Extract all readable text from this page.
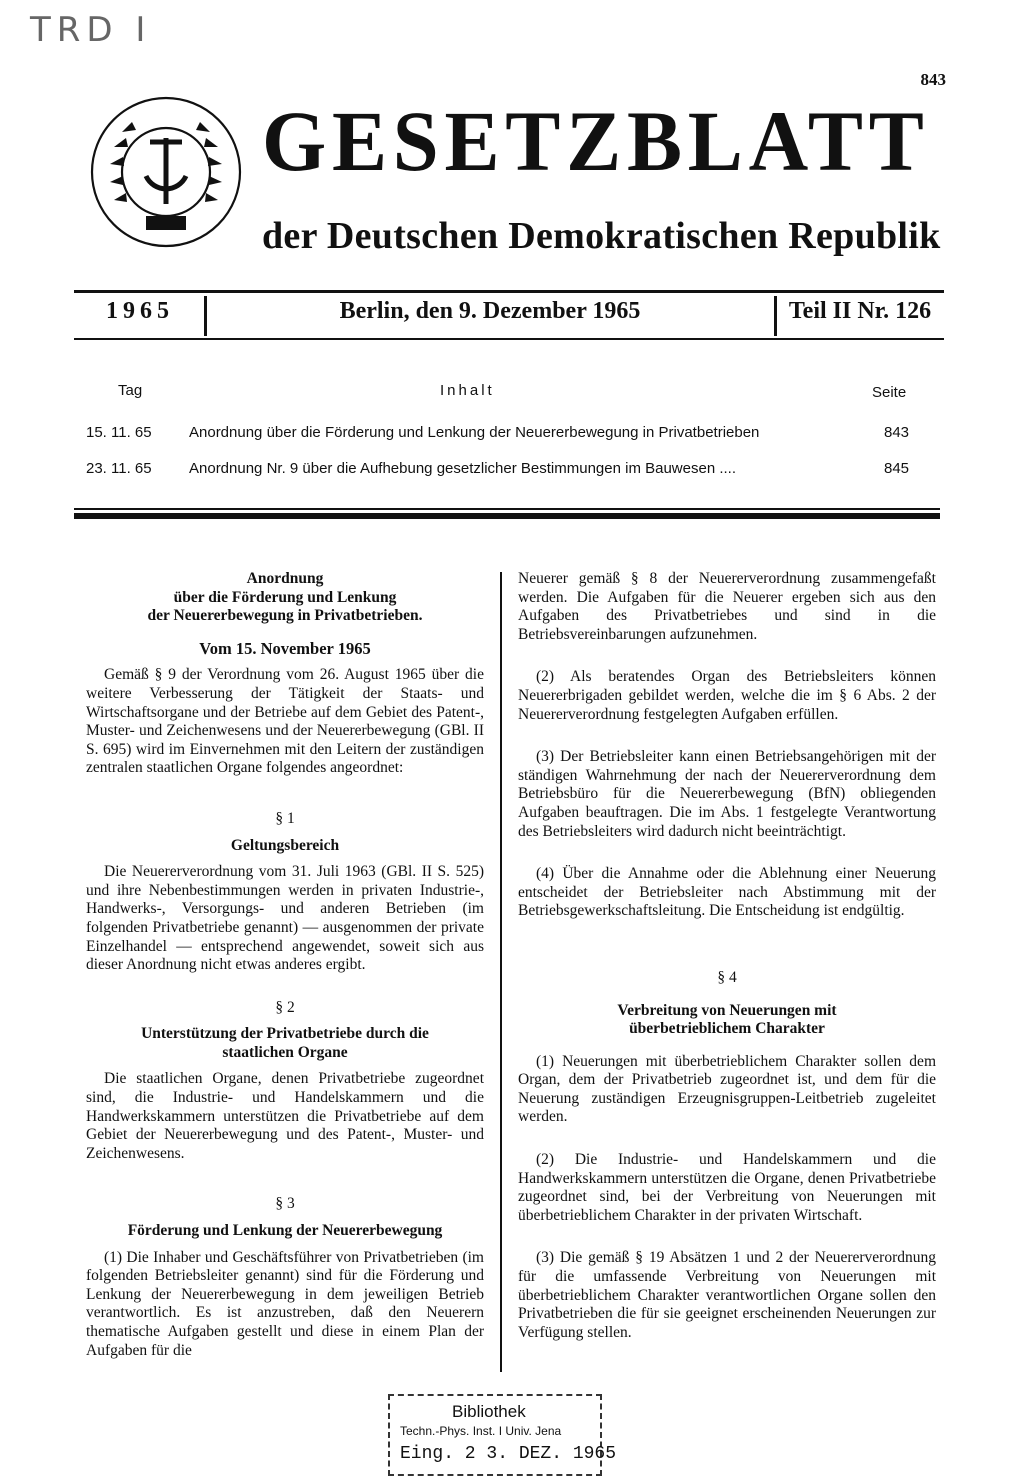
TRD I
843
GESETZBLATT
der Deutschen Demokratischen Republik
1965	Berlin, den 9. Dezember 1965	Teil II Nr. 126
Tag	Inhalt	Seite
15. 11. 65 Anordnung über die Förderung und Lenkung der Neuererbewegung in Privatbetrieben	843
23. 11. 65 Anordnung Nr. 9 über die Aufhebung gesetzlicher Bestimmungen im Bauwesen ....	845
Anordnung
über die Förderung und Lenkung
der Neuererbewegung in Privatbetrieben.
Vom 15. November 1965

Gemäß § 9 der Verordnung vom 26. August 1965 über die weitere Verbesserung der Tätigkeit der Staats- und Wirtschaftsorgane und der Betriebe auf dem Gebiet des Patent-, Muster- und Zeichenwesens und der Neuererbewegung (GBl. II S. 695) wird im Einvernehmen mit den Leitern der zuständigen zentralen staatlichen Organe folgendes angeordnet:

§ 1
Geltungsbereich

Die Neuererverordnung vom 31. Juli 1963 (GBl. II S. 525) und ihre Nebenbestimmungen werden in privaten Industrie-, Handwerks-, Versorgungs- und anderen Betrieben (im folgenden Privatbetriebe genannt) — ausgenommen der private Einzelhandel — entsprechend angewendet, soweit sich aus dieser Anordnung nicht etwas anderes ergibt.

§ 2
Unterstützung der Privatbetriebe durch die
staatlichen Organe

Die staatlichen Organe, denen Privatbetriebe zugeordnet sind, die Industrie- und Handelskammern und die Handwerkskammern unterstützen die Privatbetriebe auf dem Gebiet der Neuererbewegung und des Patent-, Muster- und Zeichenwesens.

§ 3
Förderung und Lenkung der Neuererbewegung

(1) Die Inhaber und Geschäftsführer von Privatbetrieben (im folgenden Betriebsleiter genannt) sind für die Förderung und Lenkung der Neuererbewegung in dem jeweiligen Betrieb verantwortlich. Es ist anzustreben, daß den Neuerern thematische Aufgaben gestellt und diese in einem Plan der Aufgaben für die

Neuerer gemäß § 8 der Neuererverordnung zusammengefaßt werden. Die Aufgaben für die Neuerer ergeben sich aus den Aufgaben des Privatbetriebes und sind in die Betriebsvereinbarungen aufzunehmen.

(2) Als beratendes Organ des Betriebsleiters können Neuererbrigaden gebildet werden, welche die im § 6 Abs. 2 der Neuererverordnung festgelegten Aufgaben erfüllen.

(3) Der Betriebsleiter kann einen Betriebsangehörigen mit der ständigen Wahrnehmung der nach der Neuererverordnung dem Betriebsbüro für die Neuererbewegung (BfN) obliegenden Aufgaben beauftragen. Die im Abs. 1 festgelegte Verantwortung des Betriebsleiters wird dadurch nicht beeinträchtigt.

(4) Über die Annahme oder die Ablehnung einer Neuerung entscheidet der Betriebsleiter nach Abstimmung mit der Betriebsgewerkschaftsleitung. Die Entscheidung ist endgültig.

§ 4
Verbreitung von Neuerungen mit
überbetrieblichem Charakter

(1) Neuerungen mit überbetrieblichem Charakter sollen dem Organ, dem der Privatbetrieb zugeordnet ist, und dem für die Neuerung zuständigen Erzeugnisgruppen-Leitbetrieb zugeleitet werden.

(2) Die Industrie- und Handelskammern und die Handwerkskammern unterstützen die Organe, denen Privatbetriebe zugeordnet sind, bei der Verbreitung von Neuerungen mit überbetrieblichem Charakter in der privaten Wirtschaft.

(3) Die gemäß § 19 Absätzen 1 und 2 der Neuererverordnung für die umfassende Verbreitung von Neuerungen mit überbetrieblichem Charakter verantwortlichen Organe sollen den Privatbetrieben die für sie geeignet erscheinenden Neuerungen zur Verfügung stellen.

Bibliothek
Techn.-Phys. Inst. I Univ. Jena
Eing. 2 3. DEZ. 1965
